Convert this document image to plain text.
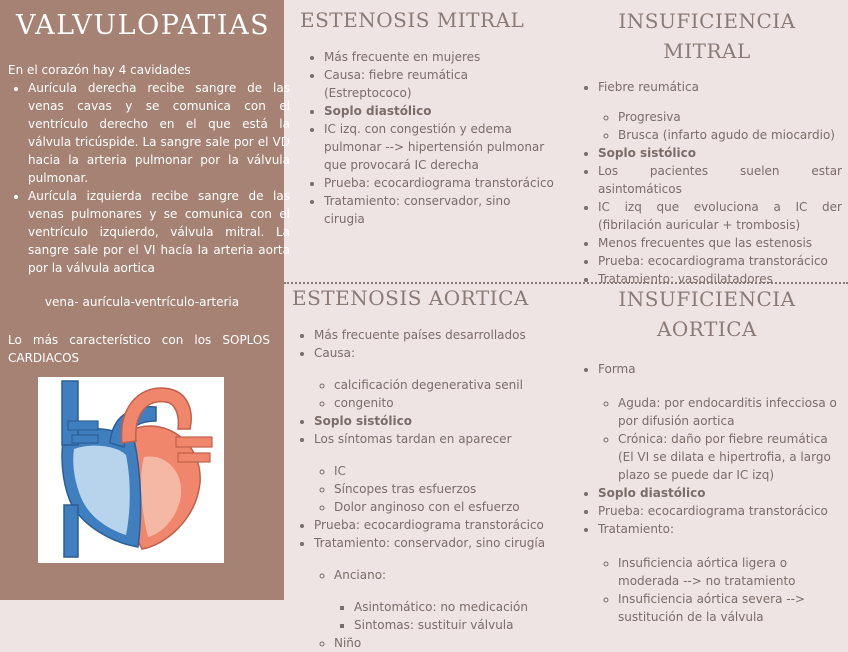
VALVULOPATIAS
En el corazón hay 4 cavidades
• Aurícula derecha recibe sangre de las venas cavas y se comunica con el ventrículo derecho en el que está la válvula tricúspide. La sangre sale por el VD hacia la arteria pulmonar por la válvula pulmonar.
• Aurícula izquierda recibe sangre de las venas pulmonares y se comunica con el ventrículo izquierdo, válvula mitral. La sangre sale por el VI hacía la arteria aorta por la válvula aortica
vena- aurícula-ventrículo-arteria
Lo más característico con los SOPLOS CARDIACOS
ESTENOSIS MITRAL
• Más frecuente en mujeres
• Causa: fiebre reumática (Estreptococo)
• Soplo diastólico
• IC izq. con congestión y edema pulmonar --> hipertensión pulmonar que provocará IC derecha
• Prueba: ecocardiograma transtorácico
• Tratamiento: conservador, sino cirugia
INSUFICIENCIA
MITRAL
• Fiebre reumática
◦ Progresiva
◦ Brusca (infarto agudo de miocardio)
• Soplo sistólico
• Los pacientes suelen estar asintomáticos
• IC izq que evoluciona a IC der (fibrilación auricular + trombosis)
• Menos frecuentes que las estenosis
• Prueba: ecocardiograma transtorácico
• Tratamiento: vasodilatadores
ESTENOSIS AORTICA
• Más frecuente países desarrollados
• Causa:
◦ calcificación degenerativa senil
◦ congenito
• Soplo sistólico
• Los síntomas tardan en aparecer
◦ IC
◦ Síncopes tras esfuerzos
◦ Dolor anginoso con el esfuerzo
• Prueba: ecocardiograma transtorácico
• Tratamiento: conservador, sino cirugía
◦ Anciano:
▪ Asintomático: no medicación
▪ Sintomas: sustituir válvula
◦ Niño
INSUFICIENCIA
AORTICA
• Forma
◦ Aguda: por endocarditis infecciosa o por difusión aortica
◦ Crónica: daño por fiebre reumática (El VI se dilata e hipertrofia, a largo plazo se puede dar IC izq)
• Soplo diastólico
• Prueba: ecocardiograma transtorácico
• Tratamiento:
◦ Insuficiencia aórtica ligera o moderada --> no tratamiento
◦ Insuficiencia aórtica severa --> sustitución de la válvula
